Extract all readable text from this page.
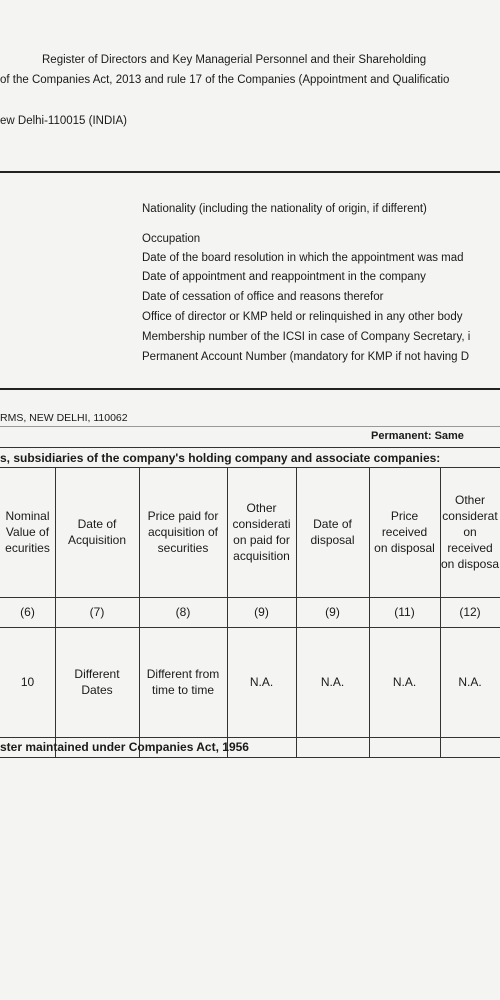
Register of Directors and Key Managerial Personnel and their Shareholding
of the Companies Act, 2013 and rule 17 of the Companies (Appointment and Qualificatio
ew Delhi-110015 (INDIA)
Nationality (including the nationality of origin, if different)
Occupation
Date of the board resolution in which the appointment was mad
Date of appointment and reappointment in the company
Date of cessation of office and reasons therefor
Office of director or KMP held or relinquished in any other body
Membership number of the ICSI in case of Company Secretary, i
Permanent Account Number (mandatory for KMP if not having D
RMS, NEW DELHI, 110062
Permanent: Same
s, subsidiaries of the company's holding company and associate companies:
Nominal
Value of
ecurities
(6)
10
Date of
Acquisition
(7)
Different
Dates
Price paid for
acquisition of
securities
(8)
Different from
time to time
Other
considerati
on paid for
acquisition
(9)
N.A.
Date of
disposal
(9)
N.A.
Price
received
on disposal
(11)
N.A.
Other
considerat
on
received
on disposa
(12)
N.A.
ster maintained under Companies Act, 1956
